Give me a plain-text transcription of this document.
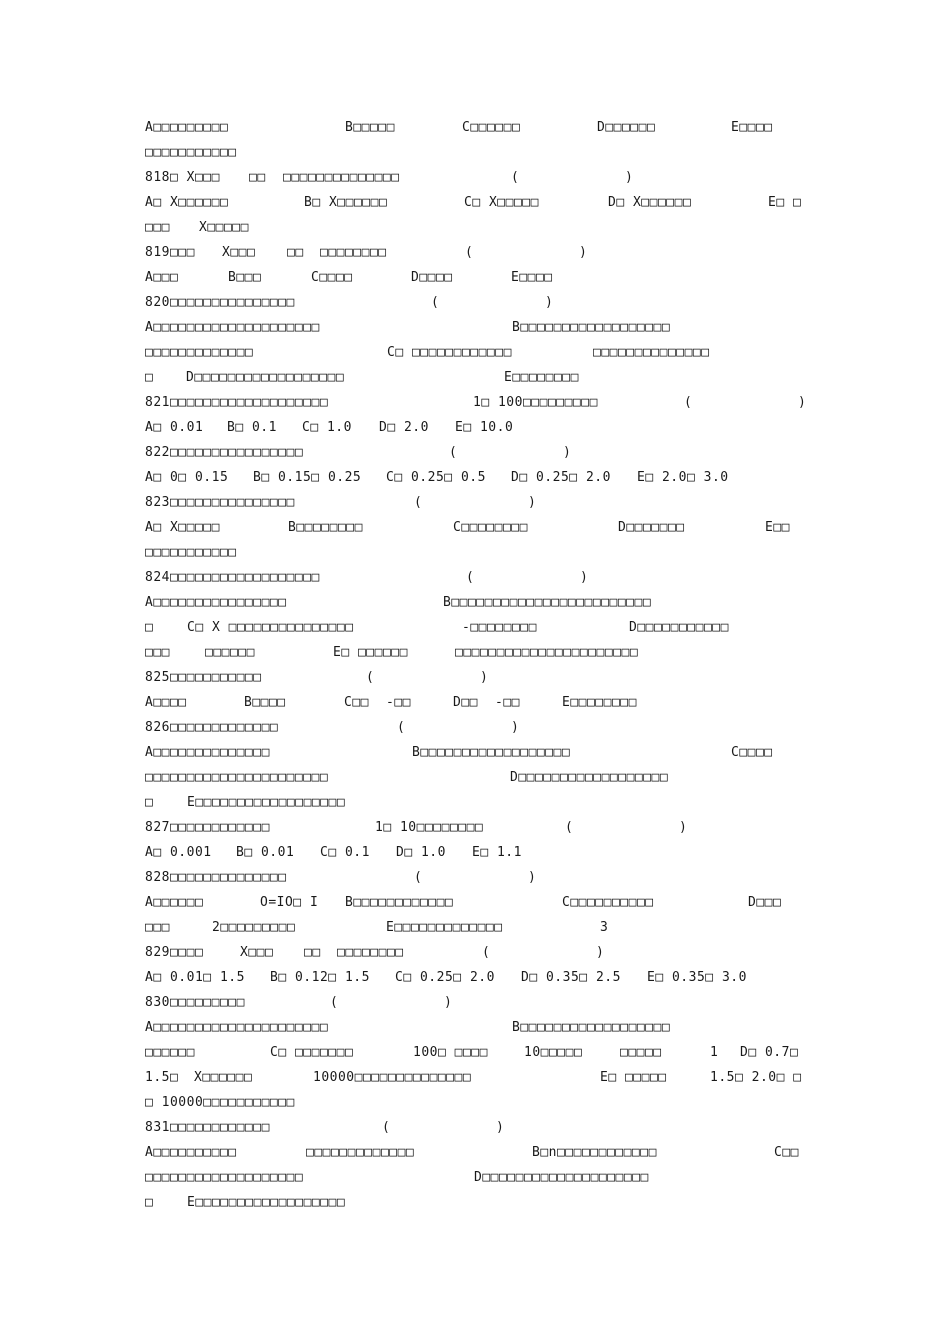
A□□□□□□□□□	B□□□□□	C□□□□□□	D□□□□□□	E□□□□
□□□□□□□□□□□
818□ X□□□ □□ □□□□□□□□□□□□□□	(	)
A□ X□□□□□□	B□ X□□□□□□	C□ X□□□□□	D□ X□□□□□□	E□ □
□□□ X□□□□□
819□□□ X□□□ □□ □□□□□□□□	(	)
A□□□	B□□□	C□□□□	D□□□□	E□□□□
820□□□□□□□□□□□□□□□	(	)
A□□□□□□□□□□□□□□□□□□□□	B□□□□□□□□□□□□□□□□□□
□□□□□□□□□□□□□	C□ □□□□□□□□□□□□	□□□□□□□□□□□□□□
□	D□□□□□□□□□□□□□□□□□□	E□□□□□□□□
821□□□□□□□□□□□□□□□□□□□	1□ 100□□□□□□□□□	(	)
A□ 0.01 B□ 0.1 C□ 1.0 D□ 2.0 E□ 10.0
822□□□□□□□□□□□□□□□□	(	)
A□ 0□ 0.15 B□ 0.15□ 0.25 C□ 0.25□ 0.5 D□ 0.25□ 2.0 E□ 2.0□ 3.0
823□□□□□□□□□□□□□□□	(	)
A□ X□□□□□	B□□□□□□□□	C□□□□□□□□	D□□□□□□□	E□□
□□□□□□□□□□□
824□□□□□□□□□□□□□□□□□□	(	)
A□□□□□□□□□□□□□□□□	B□□□□□□□□□□□□□□□□□□□□□□□□
□	C□ X □□□□□□□□□□□□□□□	-□□□□□□□□	D□□□□□□□□□□□
□□□	□□□□□□	E□ □□□□□□	□□□□□□□□□□□□□□□□□□□□□□
825□□□□□□□□□□□	(	)
A□□□□	B□□□□	C□□ -□□	D□□ -□□	E□□□□□□□□
826□□□□□□□□□□□□□	(	)
A□□□□□□□□□□□□□□	B□□□□□□□□□□□□□□□□□□	C□□□□
□□□□□□□□□□□□□□□□□□□□□□	D□□□□□□□□□□□□□□□□□□
□	E□□□□□□□□□□□□□□□□□□
827□□□□□□□□□□□□	1□ 10□□□□□□□□	(	)
A□ 0.001 B□ 0.01 C□ 0.1 D□ 1.0 E□ 1.1
828□□□□□□□□□□□□□□	(	)
A□□□□□□	O=IO□ I B□□□□□□□□□□□□	C□□□□□□□□□□	D□□□
□□□	2□□□□□□□□□	E□□□□□□□□□□□□□	3
829□□□□	X□□□ □□ □□□□□□□□	(	)
A□ 0.01□ 1.5 B□ 0.12□ 1.5 C□ 0.25□ 2.0 D□ 0.35□ 2.5 E□ 0.35□ 3.0
830□□□□□□□□□	(	)
A□□□□□□□□□□□□□□□□□□□□□	B□□□□□□□□□□□□□□□□□□
□□□□□□	C□ □□□□□□□	100□ □□□□	10□□□□□	□□□□□	1 D□ 0.7□
1.5□ X□□□□□□	10000□□□□□□□□□□□□□□	E□ □□□□□	1.5□ 2.0□ □
□ 10000□□□□□□□□□□□
831□□□□□□□□□□□□	(	)
A□□□□□□□□□□	□□□□□□□□□□□□□	B□n□□□□□□□□□□□□	C□□
□□□□□□□□□□□□□□□□□□□	D□□□□□□□□□□□□□□□□□□□□
□	E□□□□□□□□□□□□□□□□□□
